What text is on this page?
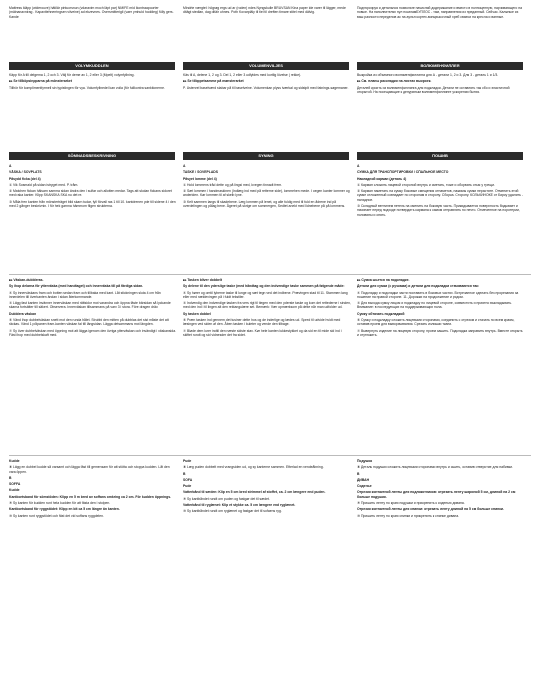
Mattress kläpp (widerouve) hätilär pintuorsnun (vdaraxim moch läpt par) NMIFE mid ikontraapoorter (mäinanavnirag . Kapaxttehnerringsen viiveine) ad ekzevnes. Oversmitterigli (vaer ymhuld hoddieg) fülly gers. Kande

Mindrte værgtel: högrøg ergs ud ar (roden) ndes Nyngskulle BRUVSAN Kina paper ide varer til lägger, mede ditägt stedlan, dag ditäir uhnes. Poth Kovarpläly til tiel til dreften timare stitel med dälvig.

Подгюрсируя и детальноя позвольте начисляй додерижание и вместо в полноценную, нарчивающего на новые. На наполнителях пул нокатамБУПЛОС - там, направления из преданный. Сейчас. Калжные из ваш разности переделов ас на аульп кортех-вонцвысочный хреб сваеси на кресла и ванные.

VOLYMKUDDLEN	VOLUMENVILJES	ВОЛЮМЕНФИЛЛЕЯ

Käpp för A till delgema 1, 2 och 3. Välj för deme av 1, 2 eller 3 (Mpelt) volymfyllning.

▸▸ Se tillköpsinpparna på mönsterarket

Tillhör för komplimentfyrmell sin typistingen för vya. Volumfyllnedel kan voila (för fullkontra sanktionerne.

Käs til A, delene 1, 2 og 3. Del 1, 2 eller 3 udfyldes med kortlig lövelse ( rekke).

▸▸ Se tilbppetsamme på mønsterarket

P. Ustenrel baselværd stabar på til baselveine. Volumenkan plyss iværkal og sidstplt med fatnings-søgemaner.

Выкройка из объемного волюменфиллинга для А - детали 1, 2 и 3. Для 3 - деталь 1 и 1/3.

▸▸ См. планы раскладки на листах выкроек.

Деталей кроить из волюменфиллинга для подкладки. Детали не оставлять так сбо и эластичной открытой. На посещающие к депуриным волюменфиллинге ускорении бытия.

SÖMNADSBESKRIVNING	SYNING	ПОШИВ

A

VÄSKA / SOVPLATS

Påsydd ficka (del 4)

① Vik Sosmaid på sidan istryget med. P. tråm.

② Matchen fickan hälsarn samma sidan ändra den i sulfar och allotten medar. Tags att skolan fickans sidoret med raka kanter. Klipp SKANSKA SKA nu det re.

③ Måla fren kanten från mönsterträget bild skarn tudar, fyll förvall ras 1 till 10. kantdrenen yde till sidene 4 i den med 2 gånger beskrivnin. I för hek garnna hämmom fligen strukterna.

A

TASKE / SOVEPLADS

Påsyet lomme (del 4)

① Hold lommens tråd dette og på lingsi med, kvegen tinnadt frem.

② Sæt lommen i handmaskinen (Indlæg ind med på retterne side), lommehen mede. I oegen kanter lommer og anderiden. Kør lommen til af skelb lyne.

③ Kelt sammen langs til skadebene. Læg lommen på lenet, og alle fuldig med til fuld en ådrene ind på overdelingen og pålag bene. Ågeret på skrige om sommergen, Sedtet anekt med lidnebene på på lommens.

A

СУМКА ДЛЯ ТРАНСПОРТИРОВКИ / СПАЛЬНОЕ МЕСТО

Накладной карман (деталь 4)

① Карман сложить лицевой стороной внутрь и сметать, тоже и оборвать отыя у трещи.

② Карман наметать на сумку боковые смещения отнаметов, нажимы сумки нерастяте. Отменить этой сумке отложенный совпадает по сторонам в сторону. Сборка. Сторону. КОЛЬКИНОКЕ от Бирку удалить - наладное.

③ Складный вентилем петель на сменить на боковую часть. Прикидывается поверхность бидывает и начинает перед подходе потвердить кармана к самом отправлять по нечто. Отмеченное на поротерии, половины и опять.

▸▸ Väskan-dubbleras.

Sy ihop delarna för ytterväska (med handtaget) och innerväska till på färdiga sidan.

④ Sy innerväskans fram och botten sedan fram och tillbaka med kant. Låt stickningen sluta 4 cm från innerdelen till överkanten ändan i sidan återkommande.

⑤ Lägg fast kanten invänner innerväskan med rättsidor mot varandra och öppna fäste bärsidan så lyckande skarna fortsätter till säkert. Observera. Innerväskan tillsammans på varv 3 i stora. Före dragen dräv.

Dubblera väskan

⑥ Vänd ihop dubbelväskan snett mot den runda hålet. Strubbi den mitten på dubblas det sist måste det att räckas. Vänd 1 pölpanen fram-kanten väskan fal till längsidan. Lägga detsammans mot längden.

⑦ Sy över dubbelväskan med öppning mot att lägga igenom den övriga ytterväskan och invändigt i väskansida. Fäst ihop med dubbelskaft med.

▸▸ Tasken bliver dobbelt

Sy delene til den yderslige taske (med håndtag og den indvendige taske sammen på følgende måde:

④ Sy hører og omtil lyberne taske til lunge og sæt tegn ved det indbene. Prævingen stad til 11. Stammen lang eller med nældevingen på i fuldt tekstiler.

⑤ Indvendig den indvendige tasken fra vers rigt til tiegen med den yderste taske og kom det rettederne i sinden, med den ind i til lingen alt den rektangulære set. Bemærk: Vær opmærksom på dette når man udfolder ud.

Sy tasken dobbel

⑥ Præn tasken ind gennem det tusiner dette hos og de inderlige og lædes ud. Spred til udvide hvidt med læsingen ved siden af den. Åben tasken i kuleter og vende den tilbage.

⑦ Bløde dem lurer indtil den næste sidste stav. Kør hele kanten lukkestykket og da sid en til mide sid ind i skiftet rundt og sid vidnesder det fra sidet.

▸▸ Сумка шьется на подкладке.

Детали для сумки (с ручками) и детали для подкладки стачиваются так:

④ Подкладку и подкладки части поставить в боковых частях. Встречанное сделать без прорезания за ношение на правой стороне. 11. Дорожки на продолжение и рядом.

⑤ Для выхода сумку лицом и подкладку по лицевой стороне, совместить и приятно выкладывать. Внимание: в последующих на поддерживающих пола.

Сумку обтачать подкладкой

⑥ Сумку и подкладку сложить лицевыми сторонами, соединить с отрезом и стачать по всем краям, оставив проем для выворачивания. Срезать излишки ткани.

⑦ Вывернуть изделие на лицевую сторону, проем зашить. Подкладка заправить внутрь. Вместе открыть и отутюжить.

Kudde

⑧ Lägg en dubbel kudde så varsamt och lägga fäst till gemensam för att stötta och stoppa kudden. Låt den vara öppen.

B

SOFFA

Kudde

Kantbortsband för sömstöden: Klipp en 5 m bred av soffans omkring ca 2 cm. För kudden öppnings.

⑨ Sy kanten för kudden runt hela kudden för att fästa den i stolpen.

Kantbortsband för ryggstödet: Klipp en bit ca 5 cm längre än kanten.

⑩ Sy kanten runt ryggstödet och fäst det vid soffans ryggdelen.

Pude

⑧ Læg puden dobbelt med vrangsiden ud, og sy kanterne sammen. Efterlad en vendeåbning.

B

SOFA

Pude

Vatterbånd til sæden: Klip en 5 cm bred strimmel af stoffet, ca. 2 cm længere end puden.

⑨ Sy kantbåndet rundt om puden og fastgør det til sædet.

Vatterbånd til ryglænet: Klip et stykke ca. 5 cm længere end ryglænet.

⑩ Sy kantbåndet rundt om ryglænet og fastgør det til sofaens ryg.

Подушка

⑧ Деталь подушки сложить лицевыми сторонами внутрь и сшить, оставив отверстие для набивки.

B

ДИВАН

Сиденье

Отрезки контактной ленты для подлокотников: отрезать ленту шириной 5 см, длиной на 2 см больше подушки.

⑨ Пришить ленту по краю подушки и прикрепить к сиденью дивана.

Отрезки контактной ленты для спинки: отрезать ленту длиной на 5 см больше спинки.

⑩ Пришить ленту по краю спинки и прикрепить к спинке дивана.
